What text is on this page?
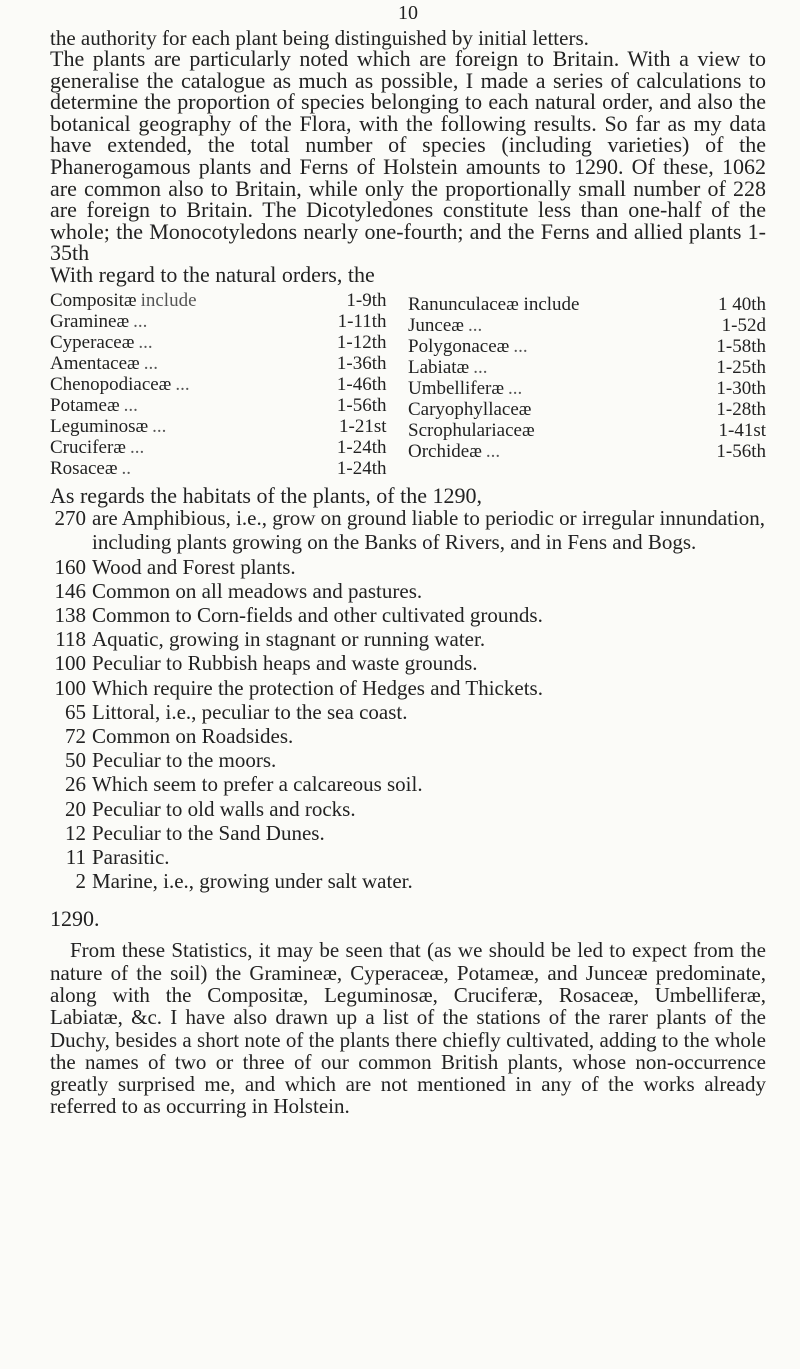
10

the authority for each plant being distinguished by initial letters.

The plants are particularly noted which are foreign to Britain. With a view to generalise the catalogue as much as possible, I made a series of calculations to determine the proportion of species belonging to each natural order, and also the botanical geography of the Flora, with the following results. So far as my data have extended, the total number of species (including varieties) of the Phanerogamous plants and Ferns of Holstein amounts to 1290. Of these, 1062 are common also to Britain, while only the proportionally small number of 228 are foreign to Britain. The Dicotyledones constitute less than one-half of the whole; the Monocotyledons nearly one-fourth; and the Ferns and allied plants 1-35th

With regard to the natural orders, the

Compositæ include	1-9th
Gramineæ ...	1-11th
Cyperaceæ ...	1-12th
Amentaceæ ...	1-36th
Chenopodiaceæ ...	1-46th
Potameæ ...	1-56th
Leguminosæ ...	1-21st
Cruciferæ ...	1-24th
Rosaceæ ..	1-24th
Ranunculaceæ include	1 40th
Junceæ ...	1-52d
Polygonaceæ ...	1-58th
Labiatæ ...	1-25th
Umbelliferæ ...	1-30th
Caryophyllaceæ	1-28th
Scrophulariaceæ	1-41st
Orchideæ ...	1-56th

As regards the habitats of the plants, of the 1290,

270 are Amphibious, i.e., grow on ground liable to periodic or irregular innundation, including plants growing on the Banks of Rivers, and in Fens and Bogs.
160 Wood and Forest plants.
146 Common on all meadows and pastures.
138 Common to Corn-fields and other cultivated grounds.
118 Aquatic, growing in stagnant or running water.
100 Peculiar to Rubbish heaps and waste grounds.
100 Which require the protection of Hedges and Thickets.
65 Littoral, i.e., peculiar to the sea coast.
72 Common on Roadsides.
50 Peculiar to the moors.
26 Which seem to prefer a calcareous soil.
20 Peculiar to old walls and rocks.
12 Peculiar to the Sand Dunes.
11 Parasitic.
2 Marine, i.e., growing under salt water.
1290.

From these Statistics, it may be seen that (as we should be led to expect from the nature of the soil) the Gramineæ, Cyperaceæ, Potameæ, and Junceæ predominate, along with the Compositæ, Leguminosæ, Cruciferæ, Rosaceæ, Umbelliferæ, Labiatæ, &c. I have also drawn up a list of the stations of the rarer plants of the Duchy, besides a short note of the plants there chiefly cultivated, adding to the whole the names of two or three of our common British plants, whose non-occurrence greatly surprised me, and which are not mentioned in any of the works already referred to as occurring in Holstein.
